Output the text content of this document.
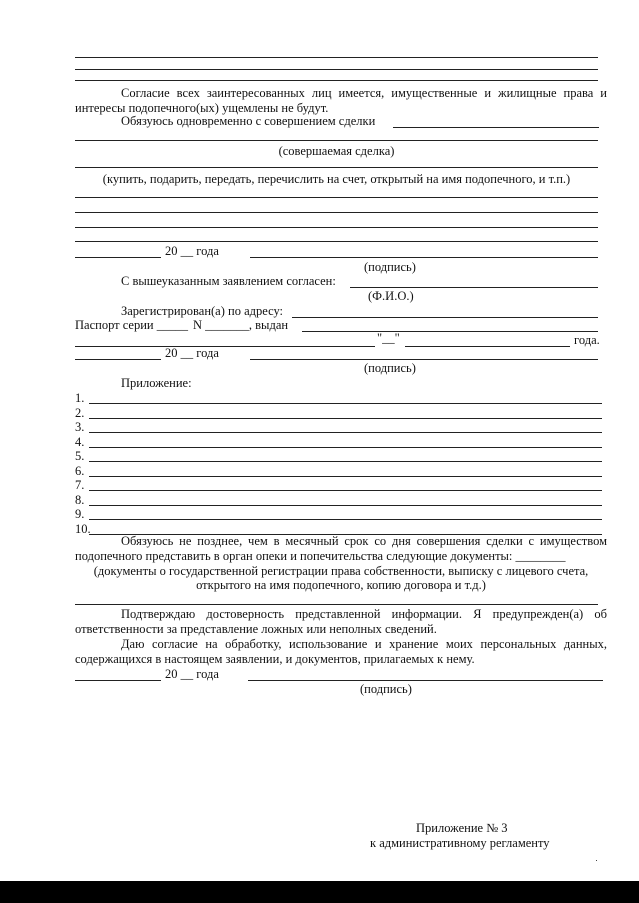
Согласие всех заинтересованных лиц имеется, имущественные и жилищные права и интересы подопечного(ых) ущемлены не будут.
Обязуюсь одновременно с совершением сделки
(совершаемая сделка)
(купить, подарить, передать, перечислить на счет, открытый на имя подопечного, и т.п.)
20 __ года
(подпись)
С вышеуказанным заявлением согласен:
(Ф.И.О.)
Зарегистрирован(а) по адресу:
Паспорт серии _____ N _______, выдан
"__"	года.
20 __ года
(подпись)
Приложение:
1.
2.
3.
4.
5.
6.
7.
8.
9.
10.
Обязуюсь не позднее, чем в месячный срок со дня совершения сделки с имуществом подопечного представить в орган опеки и попечительства следующие документы: ________
(документы о государственной регистрации права собственности, выписку с лицевого счета,
открытого на имя подопечного, копию договора и т.д.)
Подтверждаю достоверность представленной информации. Я предупрежден(а) об ответственности за представление ложных или неполных сведений.
Даю согласие на обработку, использование и хранение моих персональных данных, содержащихся в настоящем заявлении, и документов, прилагаемых к нему.
20 __ года
(подпись)
Приложение № 3
к административному регламенту
